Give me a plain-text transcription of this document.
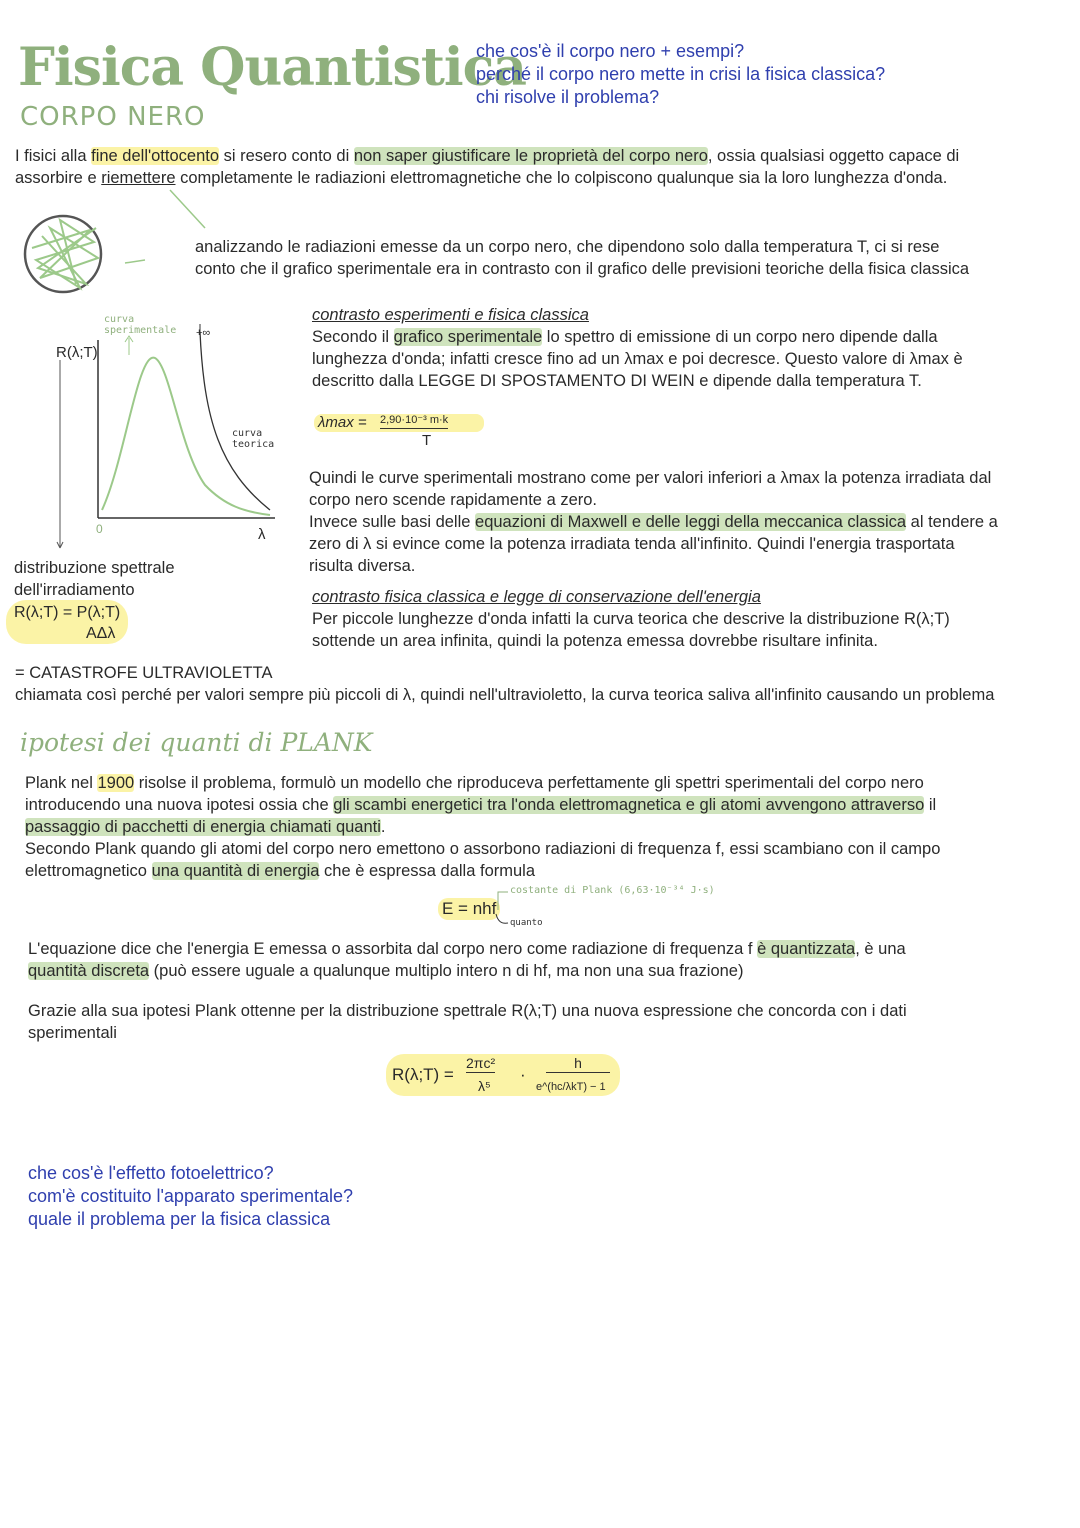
Fisica Quantistica
CORPO NERO
che cos'è il corpo nero + esempi?
perché il corpo nero mette in crisi la fisica classica?
chi risolve il problema?
I fisici alla fine dell'ottocento si resero conto di non saper giustificare le proprietà del corpo nero, ossia qualsiasi oggetto capace di
assorbire e riemettere completamente le radiazioni elettromagnetiche che lo colpiscono qualunque sia la loro lunghezza d'onda.
analizzando le radiazioni emesse da un corpo nero, che dipendono solo dalla temperatura T, ci si rese
conto che il grafico sperimentale era in contrasto con il grafico delle previsioni teoriche della fisica classica
R(λ;T)
λ
0
curva sperimentale	+∞
curva teorica
distribuzione spettrale
dell'irradiamento
R(λ;T) = P(λ;T)
AΔλ
contrasto esperimenti e fisica classica
Secondo il grafico sperimentale lo spettro di emissione di un corpo nero dipende dalla
lunghezza d'onda; infatti cresce fino ad un λmax e poi decresce. Questo valore di λmax è
descritto dalla LEGGE DI SPOSTAMENTO DI WEIN e dipende dalla temperatura T.
λmax = 2,90·10⁻³ m·k
T
Quindi le curve sperimentali mostrano come per valori inferiori a λmax la potenza irradiata dal
corpo nero scende rapidamente a zero.
Invece sulle basi delle equazioni di Maxwell e delle leggi della meccanica classica al tendere a
zero di λ si evince come la potenza irradiata tenda all'infinito. Quindi l'energia trasportata
risulta diversa.
contrasto fisica classica e legge di conservazione dell'energia
Per piccole lunghezze d'onda infatti la curva teorica che descrive la distribuzione R(λ;T)
sottende un area infinita, quindi la potenza emessa dovrebbe risultare infinita.
= CATASTROFE ULTRAVIOLETTA
chiamata così perché per valori sempre più piccoli di λ, quindi nell'ultravioletto, la curva teorica saliva all'infinito causando un problema
ipotesi dei quanti di PLANK
Plank nel 1900 risolse il problema, formulò un modello che riproduceva perfettamente gli spettri sperimentali del corpo nero
introducendo una nuova ipotesi ossia che gli scambi energetici tra l'onda elettromagnetica e gli atomi avvengono attraverso il
passaggio di pacchetti di energia chiamati quanti.
Secondo Plank quando gli atomi del corpo nero emettono o assorbono radiazioni di frequenza f, essi scambiano con il campo
elettromagnetico una quantità di energia che è espressa dalla formula
costante di Plank (6,63·10⁻³⁴ J·s)
E = nhf
quanto
L'equazione dice che l'energia E emessa o assorbita dal corpo nero come radiazione di frequenza f è quantizzata, è una
quantità discreta (può essere uguale a qualunque multiplo intero n di hf, ma non una sua frazione)
Grazie alla sua ipotesi Plank ottenne per la distribuzione spettrale R(λ;T) una nuova espressione che concorda con i dati
sperimentali
R(λ;T) =
2πc²
λ⁵
·
h
e^(hc/λkT) − 1
che cos'è l'effetto fotoelettrico?
com'è costituito l'apparato sperimentale?
quale il problema per la fisica classica
